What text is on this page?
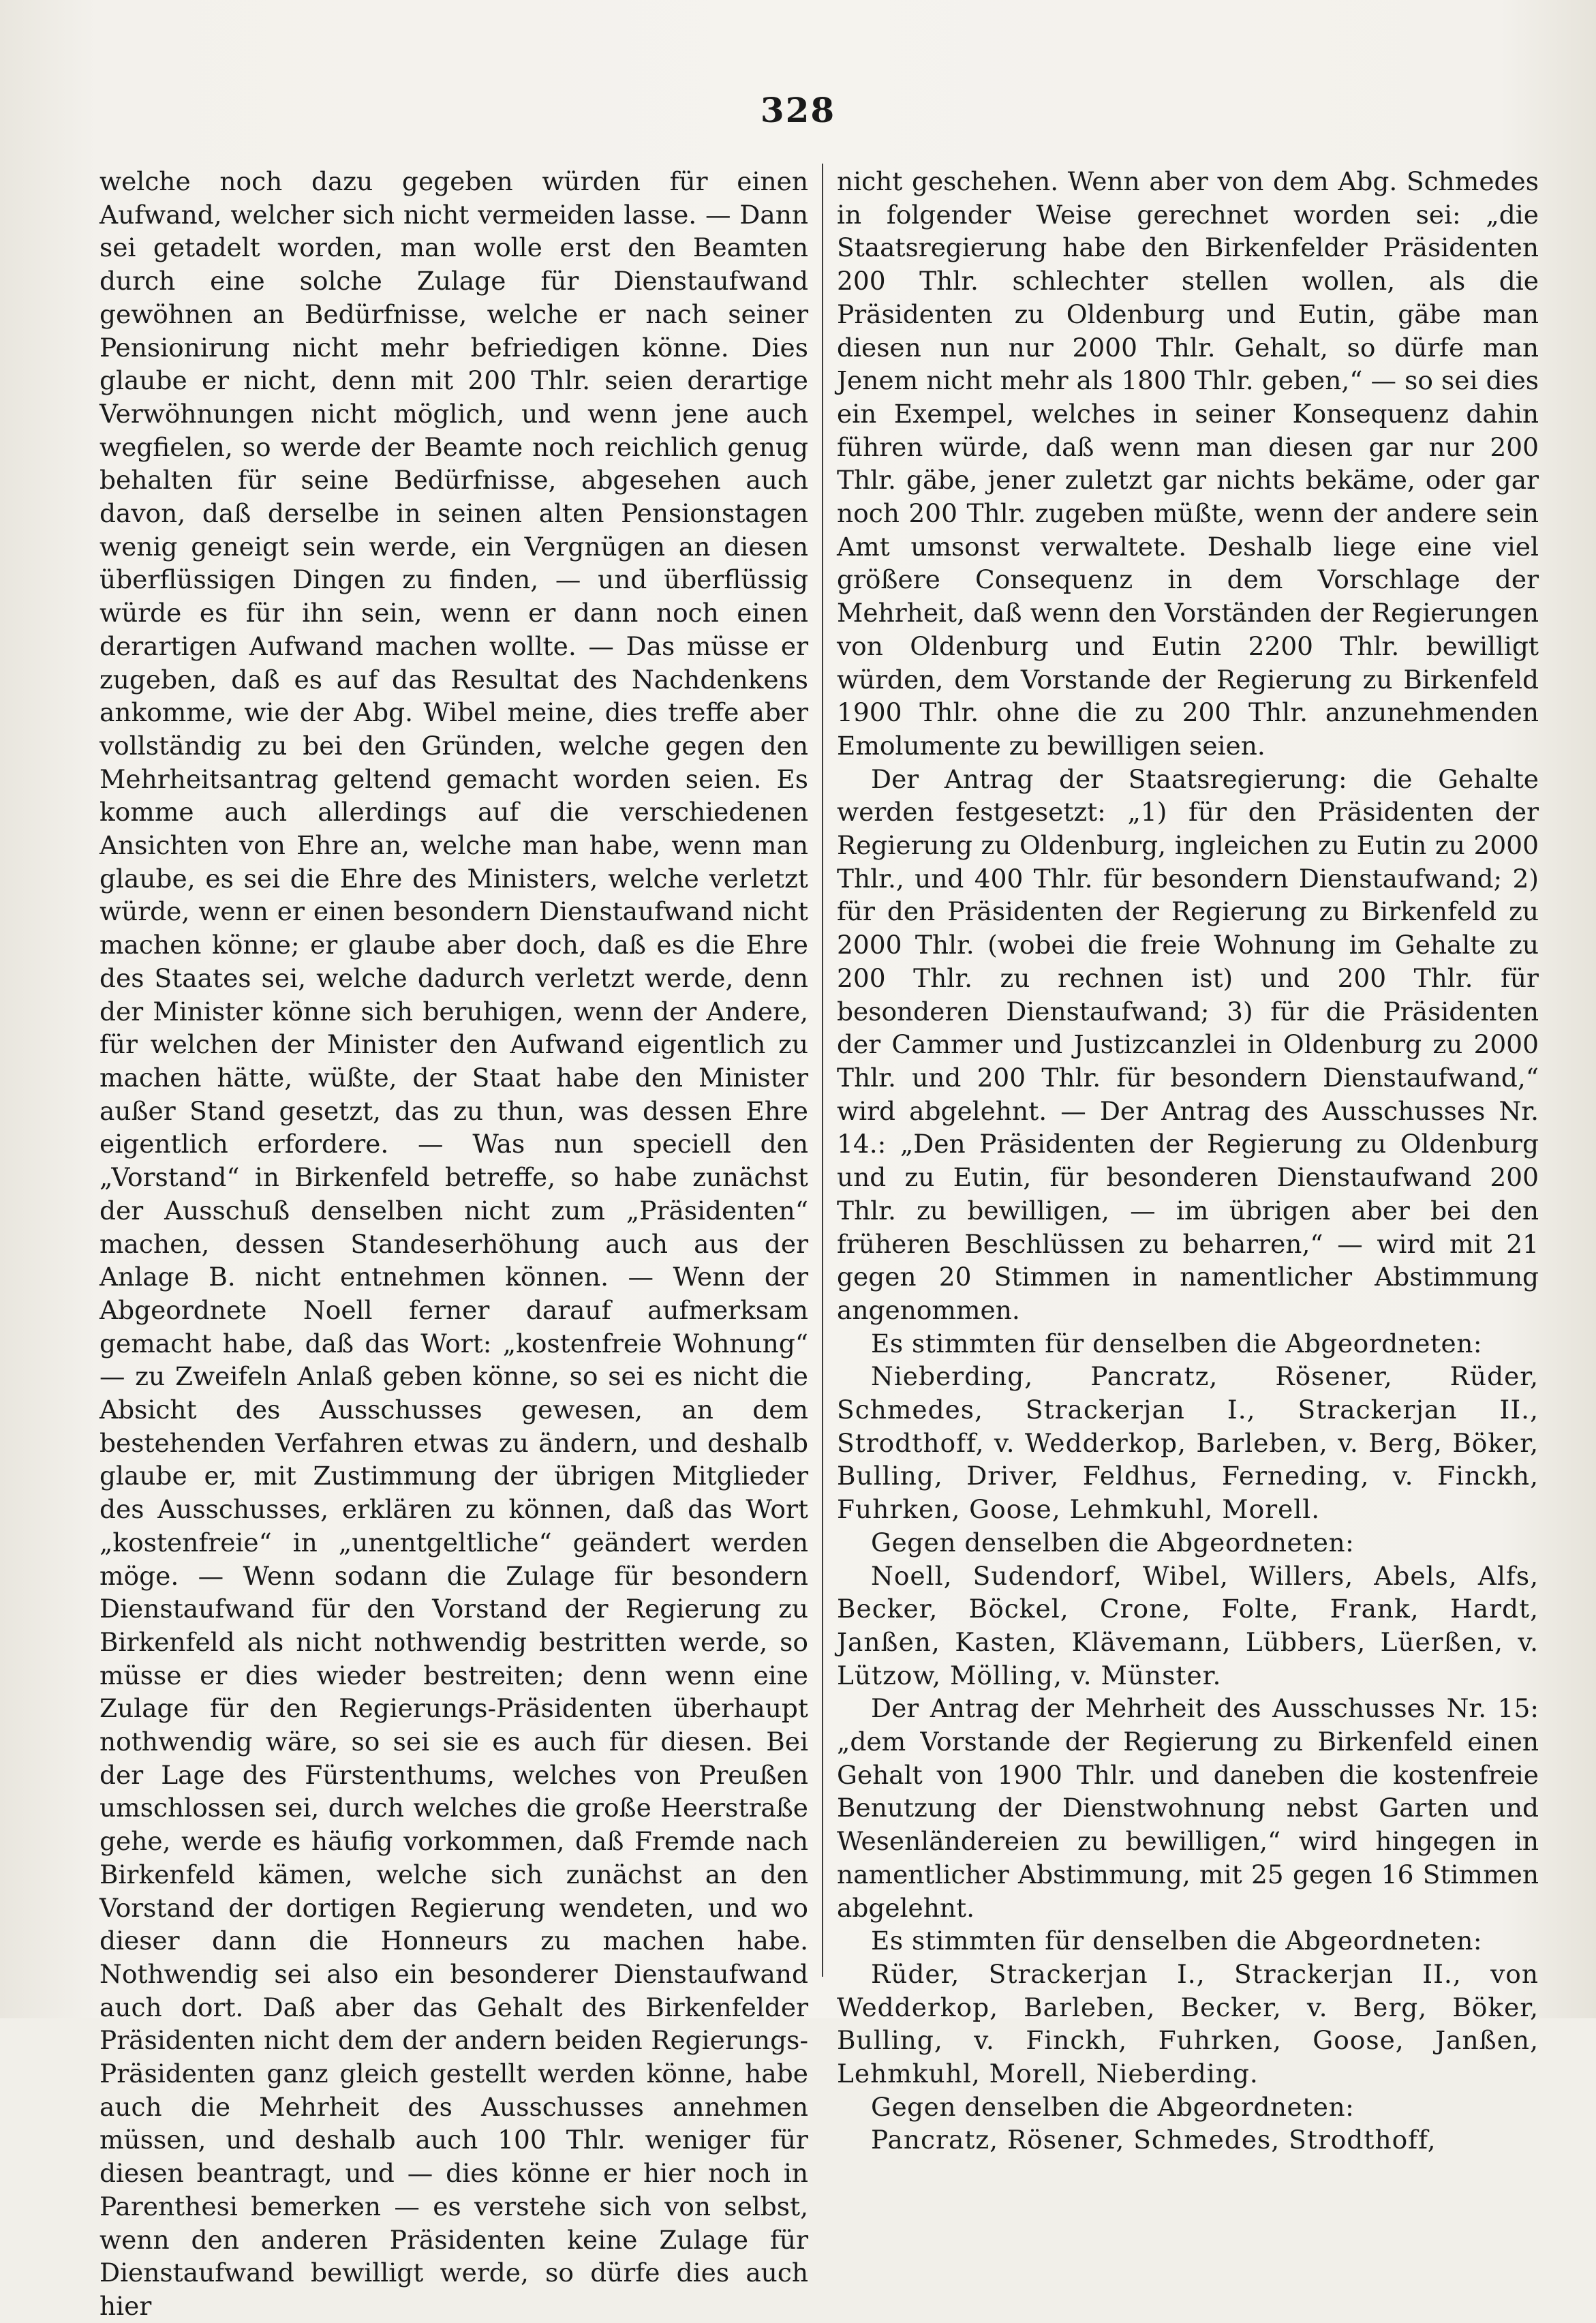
328

welche noch dazu gegeben würden für einen Aufwand, welcher sich nicht vermeiden lasse. — Dann sei getadelt worden, man wolle erst den Beamten durch eine solche Zulage für Dienstaufwand gewöhnen an Bedürfnisse, welche er nach seiner Pensionirung nicht mehr befriedigen könne. Dies glaube er nicht, denn mit 200 Thlr. seien derartige Verwöhnungen nicht möglich, und wenn jene auch wegfielen, so werde der Beamte noch reichlich genug behalten für seine Bedürfnisse, abgesehen auch davon, daß derselbe in seinen alten Pensionstagen wenig geneigt sein werde, ein Vergnügen an diesen überflüssigen Dingen zu finden, — und überflüssig würde es für ihn sein, wenn er dann noch einen derartigen Aufwand machen wollte. — Das müsse er zugeben, daß es auf das Resultat des Nachdenkens ankomme, wie der Abg. Wibel meine, dies treffe aber vollständig zu bei den Gründen, welche gegen den Mehrheitsantrag geltend gemacht worden seien. Es komme auch allerdings auf die verschiedenen Ansichten von Ehre an, welche man habe, wenn man glaube, es sei die Ehre des Ministers, welche verletzt würde, wenn er einen besondern Dienstaufwand nicht machen könne; er glaube aber doch, daß es die Ehre des Staates sei, welche dadurch verletzt werde, denn der Minister könne sich beruhigen, wenn der Andere, für welchen der Minister den Aufwand eigentlich zu machen hätte, wüßte, der Staat habe den Minister außer Stand gesetzt, das zu thun, was dessen Ehre eigentlich erfordere. — Was nun speciell den „Vorstand“ in Birkenfeld betreffe, so habe zunächst der Ausschuß denselben nicht zum „Präsidenten“ machen, dessen Standeserhöhung auch aus der Anlage B. nicht entnehmen können. — Wenn der Abgeordnete Noell ferner darauf aufmerksam gemacht habe, daß das Wort: „kostenfreie Wohnung“ — zu Zweifeln Anlaß geben könne, so sei es nicht die Absicht des Ausschusses gewesen, an dem bestehenden Verfahren etwas zu ändern, und deshalb glaube er, mit Zustimmung der übrigen Mitglieder des Ausschusses, erklären zu können, daß das Wort „kostenfreie“ in „unentgeltliche“ geändert werden möge. — Wenn sodann die Zulage für besondern Dienstaufwand für den Vorstand der Regierung zu Birkenfeld als nicht nothwendig bestritten werde, so müsse er dies wieder bestreiten; denn wenn eine Zulage für den Regierungs-Präsidenten überhaupt nothwendig wäre, so sei sie es auch für diesen. Bei der Lage des Fürstenthums, welches von Preußen umschlossen sei, durch welches die große Heerstraße gehe, werde es häufig vorkommen, daß Fremde nach Birkenfeld kämen, welche sich zunächst an den Vorstand der dortigen Regierung wendeten, und wo dieser dann die Honneurs zu machen habe. Nothwendig sei also ein besonderer Dienstaufwand auch dort. Daß aber das Gehalt des Birkenfelder Präsidenten nicht dem der andern beiden Regierungs-Präsidenten ganz gleich gestellt werden könne, habe auch die Mehrheit des Ausschusses annehmen müssen, und deshalb auch 100 Thlr. weniger für diesen beantragt, und — dies könne er hier noch in Parenthesi bemerken — es verstehe sich von selbst, wenn den anderen Präsidenten keine Zulage für Dienstaufwand bewilligt werde, so dürfe dies auch hier

nicht geschehen. Wenn aber von dem Abg. Schmedes in folgender Weise gerechnet worden sei: „die Staatsregierung habe den Birkenfelder Präsidenten 200 Thlr. schlechter stellen wollen, als die Präsidenten zu Oldenburg und Eutin, gäbe man diesen nun nur 2000 Thlr. Gehalt, so dürfe man Jenem nicht mehr als 1800 Thlr. geben,“ — so sei dies ein Exempel, welches in seiner Konsequenz dahin führen würde, daß wenn man diesen gar nur 200 Thlr. gäbe, jener zuletzt gar nichts bekäme, oder gar noch 200 Thlr. zugeben müßte, wenn der andere sein Amt umsonst verwaltete. Deshalb liege eine viel größere Consequenz in dem Vorschlage der Mehrheit, daß wenn den Vorständen der Regierungen von Oldenburg und Eutin 2200 Thlr. bewilligt würden, dem Vorstande der Regierung zu Birkenfeld 1900 Thlr. ohne die zu 200 Thlr. anzunehmenden Emolumente zu bewilligen seien.

Der Antrag der Staatsregierung: die Gehalte werden festgesetzt: „1) für den Präsidenten der Regierung zu Oldenburg, ingleichen zu Eutin zu 2000 Thlr., und 400 Thlr. für besondern Dienstaufwand; 2) für den Präsidenten der Regierung zu Birkenfeld zu 2000 Thlr. (wobei die freie Wohnung im Gehalte zu 200 Thlr. zu rechnen ist) und 200 Thlr. für besonderen Dienstaufwand; 3) für die Präsidenten der Cammer und Justizcanzlei in Oldenburg zu 2000 Thlr. und 200 Thlr. für besondern Dienstaufwand,“ wird abgelehnt. — Der Antrag des Ausschusses Nr. 14.: „Den Präsidenten der Regierung zu Oldenburg und zu Eutin, für besonderen Dienstaufwand 200 Thlr. zu bewilligen, — im übrigen aber bei den früheren Beschlüssen zu beharren,“ — wird mit 21 gegen 20 Stimmen in namentlicher Abstimmung angenommen.

Es stimmten für denselben die Abgeordneten:

Nieberding, Pancratz, Rösener, Rüder, Schmedes, Strackerjan I., Strackerjan II., Strodthoff, v. Wedderkop, Barleben, v. Berg, Böker, Bulling, Driver, Feldhus, Ferneding, v. Finckh, Fuhrken, Goose, Lehmkuhl, Morell.

Gegen denselben die Abgeordneten:

Noell, Sudendorf, Wibel, Willers, Abels, Alfs, Becker, Böckel, Crone, Folte, Frank, Hardt, Janßen, Kasten, Klävemann, Lübbers, Lüerßen, v. Lützow, Mölling, v. Münster.

Der Antrag der Mehrheit des Ausschusses Nr. 15: „dem Vorstande der Regierung zu Birkenfeld einen Gehalt von 1900 Thlr. und daneben die kostenfreie Benutzung der Dienstwohnung nebst Garten und Wesenländereien zu bewilligen,“ wird hingegen in namentlicher Abstimmung, mit 25 gegen 16 Stimmen abgelehnt.

Es stimmten für denselben die Abgeordneten:

Rüder, Strackerjan I., Strackerjan II., von Wedderkop, Barleben, Becker, v. Berg, Böker, Bulling, v. Finckh, Fuhrken, Goose, Janßen, Lehmkuhl, Morell, Nieberding.

Gegen denselben die Abgeordneten:

Pancratz, Rösener, Schmedes, Strodthoff,
